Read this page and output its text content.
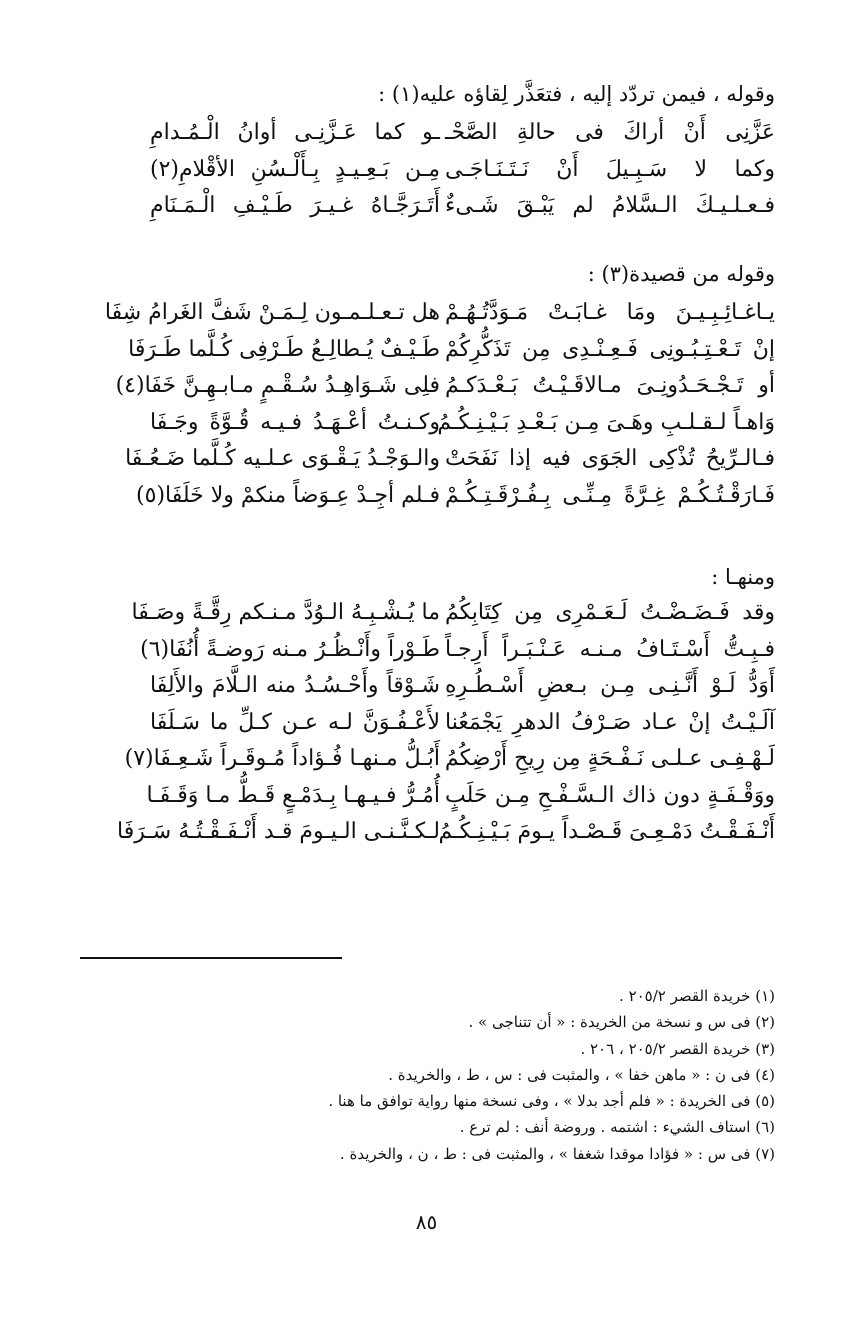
وقوله ، فيمن تردّد إليه ، فتعَذَّر لِقاؤه عليه(١) :
عَزَّنِى أَنْ أراكَ فى حالةِ الصَّحْـ
ـو كما عَـزَّنِـى أوانُ الْـمُـدامِ
وكما لا سَـبِـيلَ أَنْ نَـتَـنَـاجَـى
مِـن بَـعِـيـدٍ بِـأَلْـسُنِ الأقْلامِ(٢)
فـعـلـيـكَ الـسَّلامُ لم يَبْـقَ شَـىءٌ
أَتَـرَجَّـاهُ غـيـرَ طَـيْـفِ الْـمَـنَامِ
وقوله من قصيدة(٣) :
يـاغـائِـبِـيـنَ ومَا غـابَـتْ مَـوَدَّتُـهُـمْ
هل تـعـلـمـون لِـمَـنْ شَفَّ الغَرامُ شِفَا
إنْ تَـعْـتِـبُـونِى فَـعِـنْـدِى مِن تَذَكُّرِكُمْ
طَـيْـفٌ يُـطالِـعُ طَـرْفِى كُـلَّما طَـرَفَا
أو تَـجْـحَـدُونِـىَ مـالاقَـيْـتُ بَـعْـدَكـمُ
فلِى شَـوَاهِـدُ سُـقْـمٍ مـابـهِـنَّ خَفَا(٤)
وَاهـاً لـقـلـبِ وهَـىَ مِـن بَـعْـدِ بَـيْـنِـكُـمُ
وكـنـتُ أعْـهَـدُ فـيـه قُـوَّةً وجَـفَا
فـالـرِّيحُ تُذْكِى الجَوَى فيه إذا نَفَحَتْ
والـوَجْـدُ يَـقْـوَى عـلـيه كُـلَّما ضَـعُـفَا
فَـارَقْـتُـكُـمْ غِـرَّةً مِـنِّـى بِـفُـرْقَـتِـكُـمْ
فـلم أجِـدْ عِـوَضاً منكمْ ولا خَلَفَا(٥)
ومنهـا :
وقد فَـضَـضْـتُ لَـعَـمْرِى مِن كِتَابِكُمُ
ما يُـشْـبِـهُ الـوُدَّ مـنـكم رِقَّـةً وصَـفَا
فـبِـتُّ أَسْـتَـافُ مـنـه عَـنْـبَـراً أَرِجـاً
طَـوْراً وأَنْـظُـرُ مـنه رَوضـةً أُنُفَا(٦)
أَوَدُّ لَـوْ أَنَّـنِـى مِـن بـعضِ أَسْـطُـرِهِ
شَـوْقاً وأَحْـسُـدُ منه الـلَّامَ والأَلِفَا
آلَـيْـتُ إنْ عـاد صَـرْفُ الدهرِ يَجْمَعُنا
لأَعْـفُـوَنَّ لـه عـن كـلِّ ما سَـلَفَا
لَـهْـفِـى عـلـى نَـفْـحَةٍ مِن رِيحِ أَرْضِكُمُ
أَبُـلُّ مـنهـا فُـؤاداً مُـوقَـراً شَـعِـفَا(٧)
ووَقْـفَـةٍ دون ذاك الـسَّـفْـحِ مِـن حَلَبٍ
أُمُـرُّ فـيـهـا بِـدَمْـعٍ قَـطُّ مـا وَقَـفَـا
أَنْـفَـقْـتُ دَمْـعِـىَ قَـصْـداً يـومَ بَـيْـنِـكُـمُ
لـكـنَّـنـى الـيـومَ قـد أَنْـفَـقْـتُـهُ سَـرَفَا
(١) خريدة القصر ٢٠٥/٢ .
(٢) فى س و نسخة من الخريدة : « أن تتناجى » .
(٣) خريدة القصر ٢٠٥/٢ ، ٢٠٦ .
(٤) فى ن : « ماهن خفا » ، والمثبت فى : س ، ط ، والخريدة .
(٥) فى الخريدة : « فلم أجد بدلا » ، وفى نسخة منها رواية توافق ما هنا .
(٦) استاف الشيء : اشتمه . وروضة أنف : لم ترع .
(٧) فى س : « فؤادا موقدا شغفا » ، والمثبت فى : ط ، ن ، والخريدة .
٨٥
